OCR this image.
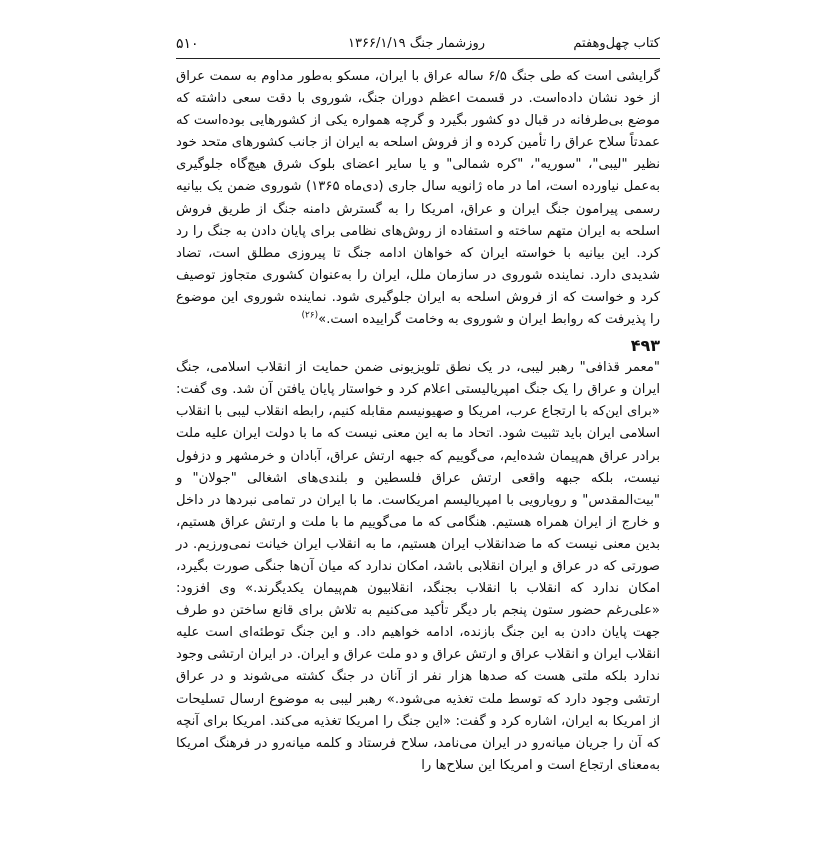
کتاب چهل‌وهفتم
روزشمار جنگ ۱۳۶۶/۱/۱۹
۵۱۰

گرایشی است که طی جنگ ۶/۵ ساله عراق با ایران، مسکو به‌طور مداوم به سمت عراق از خود نشان داده‌است. در قسمت اعظم دوران جنگ، شوروی با دقت سعی داشته که موضع بی‌طرفانه در قبال دو کشور بگیرد و گرچه همواره یکی از کشورهایی بوده‌است که عمدتاً سلاح عراق را تأمین کرده و از فروش اسلحه به ایران از جانب کشورهای متحد خود نظیر "لیبی"، "سوریه"، "کره شمالی" و یا سایر اعضای بلوک شرق هیچ‌گاه جلوگیری به‌عمل نیاورده است، اما در ماه ژانویه سال جاری (دی‌ماه ۱۳۶۵) شوروی ضمن یک بیانیه رسمی پیرامون جنگ ایران و عراق، امریکا را به گسترش دامنه جنگ از طریق فروش اسلحه به ایران متهم ساخته و استفاده از روش‌های نظامی برای پایان دادن به جنگ را رد کرد. این بیانیه با خواسته ایران که خواهان ادامه جنگ تا پیروزی مطلق است، تضاد شدیدی دارد. نماینده شوروی در سازمان ملل، ایران را به‌عنوان کشوری متجاوز توصیف کرد و خواست که از فروش اسلحه به ایران جلوگیری شود. نماینده شوروی این موضوع را پذیرفت که روابط ایران و شوروی به وخامت گراییده است.»$^{(۲۶)}$

۴۹۳

"معمر قذافی" رهبر لیبی، در یک نطق تلویزیونی ضمن حمایت از انقلاب اسلامی، جنگ ایران و عراق را یک جنگ امپریالیستی اعلام کرد و خواستار پایان یافتن آن شد. وی گفت: «برای این‌که با ارتجاع عرب، امریکا و صهیونیسم مقابله کنیم، رابطه انقلاب لیبی با انقلاب اسلامی ایران باید تثبیت شود. اتحاد ما به این معنی نیست که ما با دولت ایران علیه ملت برادر عراق هم‌پیمان شده‌ایم، می‌گوییم که جبهه ارتش عراق، آبادان و خرمشهر و دزفول نیست، بلکه جبهه واقعی ارتش عراق فلسطین و بلندی‌های اشغالی "جولان" و "بیت‌المقدس" و رویارویی با امپریالیسم امریکاست. ما با ایران در تمامی نبردها در داخل و خارج از ایران همراه هستیم. هنگامی که ما می‌گوییم ما با ملت و ارتش عراق هستیم، بدین معنی نیست که ما ضدانقلاب ایران هستیم، ما به انقلاب ایران خیانت نمی‌ورزیم. در صورتی که در عراق و ایران انقلابی باشد، امکان ندارد که میان آن‌ها جنگی صورت بگیرد، امکان ندارد که انقلاب با انقلاب بجنگد، انقلابیون هم‌پیمان یکدیگرند.» وی افزود: «علی‌رغم حضور ستون پنجم بار دیگر تأکید می‌کنیم به تلاش برای قانع ساختن دو طرف جهت پایان دادن به این جنگ بازنده، ادامه خواهیم داد. و این جنگ توطئه‌ای است علیه انقلاب ایران و انقلاب عراق و ارتش عراق و دو ملت عراق و ایران. در ایران ارتشی وجود ندارد بلکه ملتی هست که صدها هزار نفر از آنان در جنگ کشته می‌شوند و در عراق ارتشی وجود دارد که توسط ملت تغذیه می‌شود.» رهبر لیبی به موضوع ارسال تسلیحات از امریکا به ایران، اشاره کرد و گفت: «این جنگ را امریکا تغذیه می‌کند. امریکا برای آنچه که آن را جریان میانه‌رو در ایران می‌نامد، سلاح فرستاد و کلمه میانه‌رو در فرهنگ امریکا به‌معنای ارتجاع است و امریکا این سلاح‌ها را
